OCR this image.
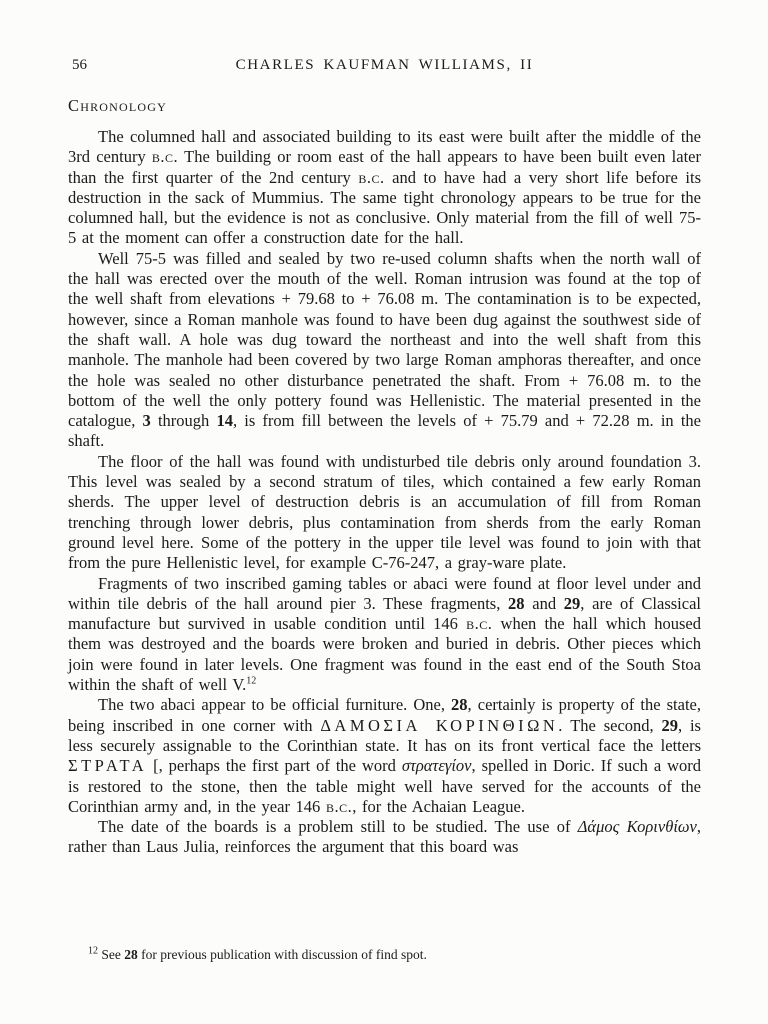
56	CHARLES KAUFMAN WILLIAMS, II
Chronology

The columned hall and associated building to its east were built after the middle of the 3rd century b.c. The building or room east of the hall appears to have been built even later than the first quarter of the 2nd century b.c. and to have had a very short life before its destruction in the sack of Mummius. The same tight chronology appears to be true for the columned hall, but the evidence is not as conclusive. Only material from the fill of well 75-5 at the moment can offer a construction date for the hall.

Well 75-5 was filled and sealed by two re-used column shafts when the north wall of the hall was erected over the mouth of the well. Roman intrusion was found at the top of the well shaft from elevations + 79.68 to + 76.08 m. The contamination is to be expected, however, since a Roman manhole was found to have been dug against the southwest side of the shaft wall. A hole was dug toward the northeast and into the well shaft from this manhole. The manhole had been covered by two large Roman amphoras thereafter, and once the hole was sealed no other disturbance penetrated the shaft. From + 76.08 m. to the bottom of the well the only pottery found was Hellenistic. The material presented in the catalogue, 3 through 14, is from fill between the levels of + 75.79 and + 72.28 m. in the shaft.

The floor of the hall was found with undisturbed tile debris only around foundation 3. This level was sealed by a second stratum of tiles, which contained a few early Roman sherds. The upper level of destruction debris is an accumulation of fill from Roman trenching through lower debris, plus contamination from sherds from the early Roman ground level here. Some of the pottery in the upper tile level was found to join with that from the pure Hellenistic level, for example C-76-247, a gray-ware plate.

Fragments of two inscribed gaming tables or abaci were found at floor level under and within tile debris of the hall around pier 3. These fragments, 28 and 29, are of Classical manufacture but survived in usable condition until 146 b.c. when the hall which housed them was destroyed and the boards were broken and buried in debris. Other pieces which join were found in later levels. One fragment was found in the east end of the South Stoa within the shaft of well V.$^{12}$

The two abaci appear to be official furniture. One, 28, certainly is property of the state, being inscribed in one corner with ΔΑΜΟΣΙΑ ΚΟΡΙΝΘΙΩΝ. The second, 29, is less securely assignable to the Corinthian state. It has on its front vertical face the letters ΣΤΡΑΤΑ [, perhaps the first part of the word στρατεγίον, spelled in Doric. If such a word is restored to the stone, then the table might well have served for the accounts of the Corinthian army and, in the year 146 b.c., for the Achaian League.

The date of the boards is a problem still to be studied. The use of Δάμος Κορινθίων, rather than Laus Julia, reinforces the argument that this board was

$^{12}$ See 28 for previous publication with discussion of find spot.
